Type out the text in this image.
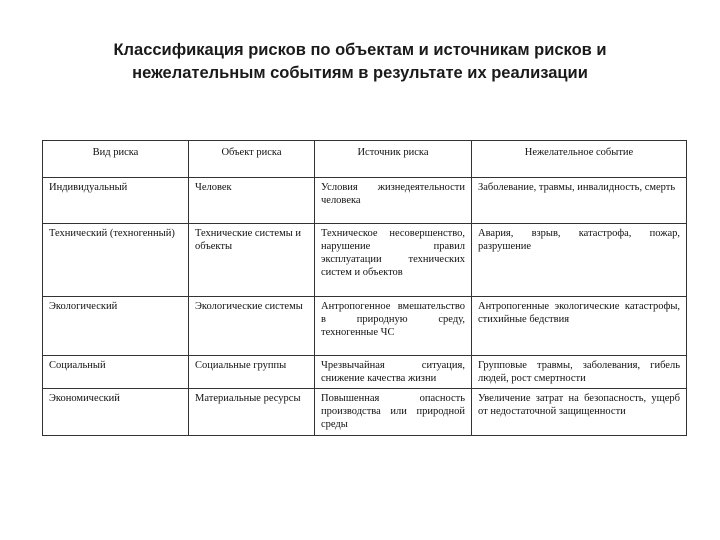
Классификация рисков по объектам и источникам рисков и
нежелательным событиям в результате их реализации
Вид риска	Объект риска	Источник риска	Нежелательное событие
Индивидуальный	Человек	Условия жизнедеятельности человека	Заболевание, травмы, инвалидность, смерть
Технический (техногенный)	Технические системы и объекты	Техническое несовершенство, нарушение правил эксплуатации технических систем и объектов	Авария, взрыв, катастрофа, пожар, разрушение
Экологический	Экологические системы	Антропогенное вмешательство в природную среду, техногенные ЧС	Антропогенные экологические катастрофы, стихийные бедствия
Социальный	Социальные группы	Чрезвычайная ситуация, снижение качества жизни	Групповые травмы, заболевания, гибель людей, рост смертности
Экономический	Материальные ресурсы	Повышенная опасность производства или природной среды	Увеличение затрат на безопасность, ущерб от недостаточной защищенности
